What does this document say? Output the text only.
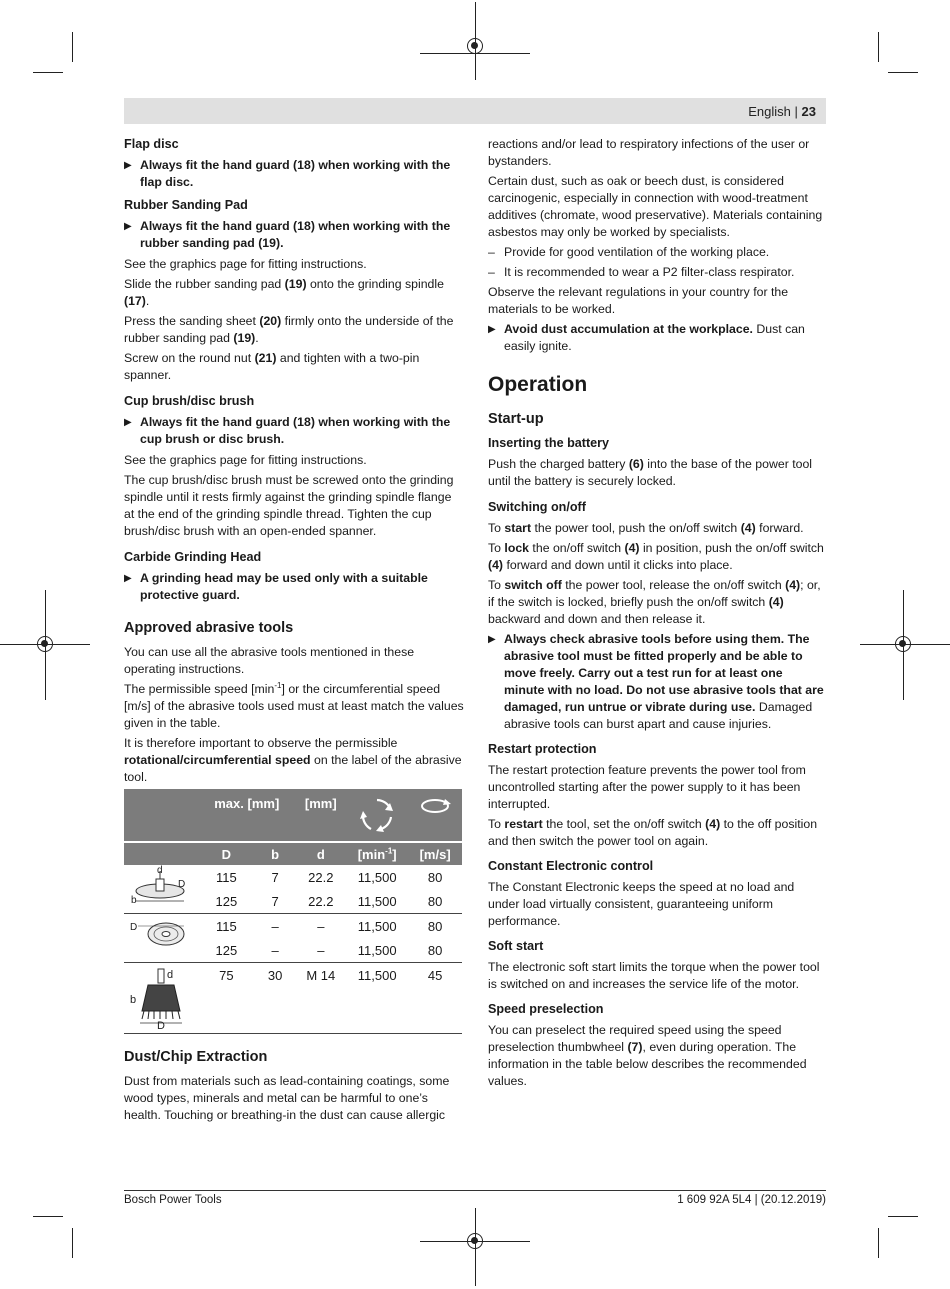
English | 23
Flap disc
▶ Always fit the hand guard (18) when working with the flap disc.
Rubber Sanding Pad
▶ Always fit the hand guard (18) when working with the rubber sanding pad (19).

See the graphics page for fitting instructions.

Slide the rubber sanding pad (19) onto the grinding spindle (17).

Press the sanding sheet (20) firmly onto the underside of the rubber sanding pad (19).

Screw on the round nut (21) and tighten with a two-pin spanner.

Cup brush/disc brush
▶ Always fit the hand guard (18) when working with the cup brush or disc brush.

See the graphics page for fitting instructions.

The cup brush/disc brush must be screwed onto the grinding spindle until it rests firmly against the grinding spindle flange at the end of the grinding spindle thread. Tighten the cup brush/disc brush with an open-ended spanner.

Carbide Grinding Head
▶ A grinding head may be used only with a suitable protective guard.
Approved abrasive tools

You can use all the abrasive tools mentioned in these operating instructions.

The permissible speed $[\min^{-1}]$ or the circumferential speed [m/s] of the abrasive tools used must at least match the values given in the table.

It is therefore important to observe the permissible rotational/circumferential speed on the label of the abrasive tool.

	max. [mm]		[mm]		
	D	b	d	$[\min^{-1}]$	[m/s]

d
D
b	115	7	22.2	11,500	80
	125	7	22.2	11,500	80

D	115	–	–	11,500	80
	125	–	–	11,500	80

d
b
D	75	30	M 14	11,500	45
Dust/Chip Extraction

Dust from materials such as lead-containing coatings, some wood types, minerals and metal can be harmful to one’s health. Touching or breathing-in the dust can cause allergic

reactions and/or lead to respiratory infections of the user or bystanders.

Certain dust, such as oak or beech dust, is considered carcinogenic, especially in connection with wood-treatment additives (chromate, wood preservative). Materials containing asbestos may only be worked by specialists.

– Provide for good ventilation of the working place.
– It is recommended to wear a P2 filter-class respirator.

Observe the relevant regulations in your country for the materials to be worked.

▶ Avoid dust accumulation at the workplace. Dust can easily ignite.
Operation
Start-up
Inserting the battery

Push the charged battery (6) into the base of the power tool until the battery is securely locked.

Switching on/off

To start the power tool, push the on/off switch (4) forward.

To lock the on/off switch (4) in position, push the on/off switch (4) forward and down until it clicks into place.

To switch off the power tool, release the on/off switch (4); or, if the switch is locked, briefly push the on/off switch (4) backward and down and then release it.

▶ Always check abrasive tools before using them. The abrasive tool must be fitted properly and be able to move freely. Carry out a test run for at least one minute with no load. Do not use abrasive tools that are damaged, run untrue or vibrate during use. Damaged abrasive tools can burst apart and cause injuries.
Restart protection

The restart protection feature prevents the power tool from uncontrolled starting after the power supply to it has been interrupted.

To restart the tool, set the on/off switch (4) to the off position and then switch the power tool on again.

Constant Electronic control

The Constant Electronic keeps the speed at no load and under load virtually consistent, guaranteeing uniform performance.

Soft start

The electronic soft start limits the torque when the power tool is switched on and increases the service life of the motor.

Speed preselection

You can preselect the required speed using the speed preselection thumbwheel (7), even during operation. The information in the table below describes the recommended values.

Bosch Power Tools	1 609 92A 5L4 | (20.12.2019)
